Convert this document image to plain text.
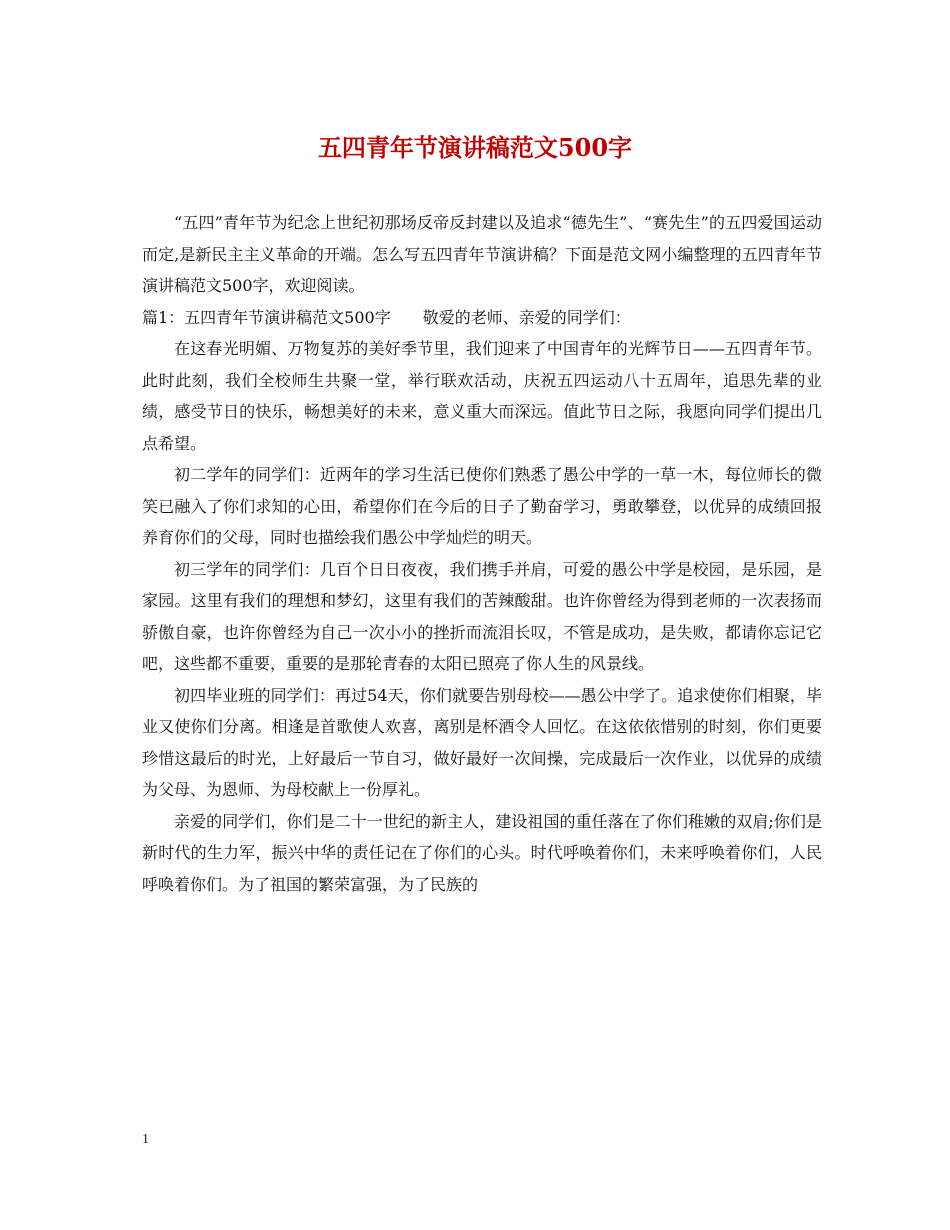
五四青年节演讲稿范文500字

“五四”青年节为纪念上世纪初那场反帝反封建以及追求“德先生”、“赛先生”的五四爱国运动而定,是新民主主义革命的开端。怎么写五四青年节演讲稿？下面是范文网小编整理的五四青年节演讲稿范文500字，欢迎阅读。

篇1：五四青年节演讲稿范文500字　　敬爱的老师、亲爱的同学们：

在这春光明媚、万物复苏的美好季节里，我们迎来了中国青年的光辉节日——五四青年节。此时此刻，我们全校师生共聚一堂，举行联欢活动，庆祝五四运动八十五周年，追思先辈的业绩，感受节日的快乐，畅想美好的未来，意义重大而深远。值此节日之际，我愿向同学们提出几点希望。

初二学年的同学们：近两年的学习生活已使你们熟悉了愚公中学的一草一木，每位师长的微笑已融入了你们求知的心田，希望你们在今后的日子了勤奋学习，勇敢攀登，以优异的成绩回报养育你们的父母，同时也描绘我们愚公中学灿烂的明天。

初三学年的同学们：几百个日日夜夜，我们携手并肩，可爱的愚公中学是校园，是乐园，是家园。这里有我们的理想和梦幻，这里有我们的苦辣酸甜。也许你曾经为得到老师的一次表扬而骄傲自豪，也许你曾经为自己一次小小的挫折而流泪长叹，不管是成功，是失败，都请你忘记它吧，这些都不重要，重要的是那轮青春的太阳已照亮了你人生的风景线。

初四毕业班的同学们：再过54天，你们就要告别母校——愚公中学了。追求使你们相聚，毕业又使你们分离。相逢是首歌使人欢喜，离别是杯酒令人回忆。在这依依惜别的时刻，你们更要珍惜这最后的时光，上好最后一节自习，做好最好一次间操，完成最后一次作业，以优异的成绩为父母、为恩师、为母校献上一份厚礼。

亲爱的同学们，你们是二十一世纪的新主人，建设祖国的重任落在了你们稚嫩的双肩;你们是新时代的生力军，振兴中华的责任记在了你们的心头。时代呼唤着你们，未来呼唤着你们，人民呼唤着你们。为了祖国的繁荣富强，为了民族的

1
